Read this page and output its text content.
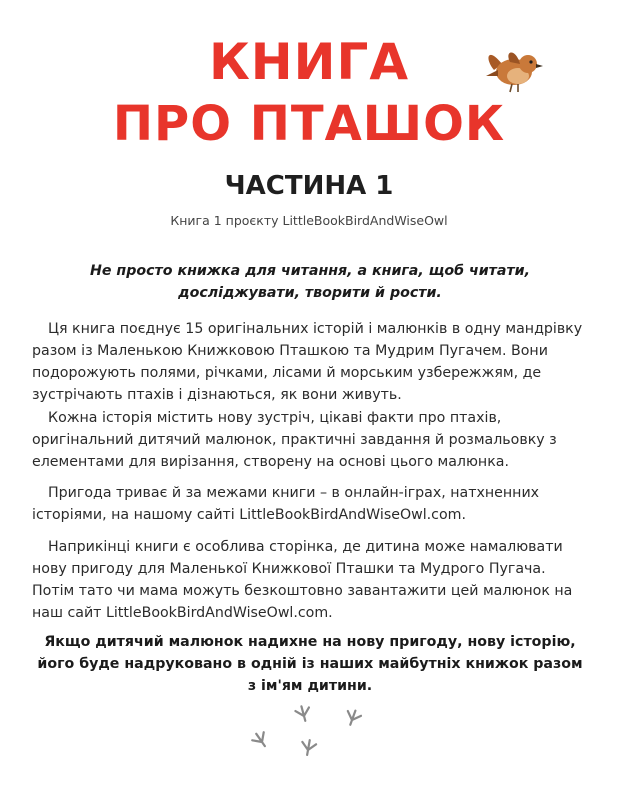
КНИГА
ПРО ПТАШОК
ЧАСТИНА 1
Книга 1 проєкту LittleBookBirdAndWiseOwl
Не просто книжка для читання, а книга, щоб читати, досліджувати, творити й рости.
Ця книга поєднує 15 оригінальних історій і малюнків в одну мандрівку разом із Маленькою Книжковою Пташкою та Мудрим Пугачем. Вони подорожують полями, річками, лісами й морським узбережжям, де зустрічають птахів і дізнаються, як вони живуть.
Кожна історія містить нову зустріч, цікаві факти про птахів, оригінальний дитячий малюнок, практичні завдання й розмальовку з елементами для вирізання, створену на основі цього малюнка.
Пригода триває й за межами книги – в онлайн-іграх, натхненних історіями, на нашому сайті LittleBookBirdAndWiseOwl.com.
Наприкінці книги є особлива сторінка, де дитина може намалювати нову пригоду для Маленької Книжкової Пташки та Мудрого Пугача. Потім тато чи мама можуть безкоштовно завантажити цей малюнок на наш сайт LittleBookBirdAndWiseOwl.com.
Якщо дитячий малюнок надихне на нову пригоду, нову історію, його буде надруковано в одній із наших майбутніх книжок разом з ім'ям дитини.
